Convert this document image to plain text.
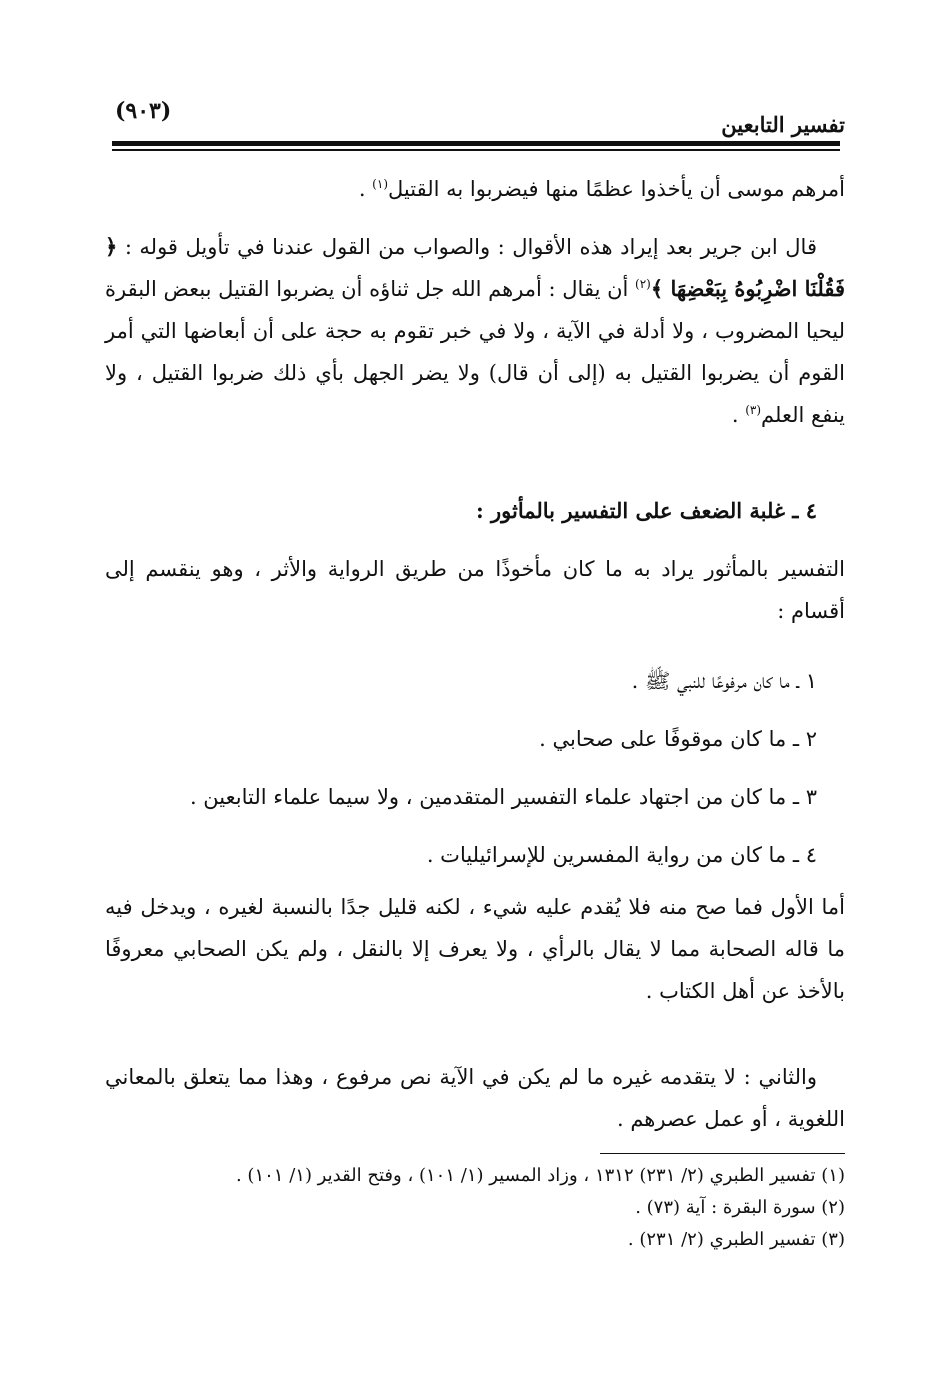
تفسير التابعين
(٩٠٣)
أمرهم موسى أن يأخذوا عظمًا منها فيضربوا به القتيل$^{(١)}$ .
قال ابن جرير بعد إيراد هذه الأقوال : والصواب من القول عندنا في تأويل قوله : ﴿ فَقُلْنَا اضْرِبُوهُ بِبَعْضِهَا ﴾$^{(٢)}$ أن يقال : أمرهم الله جل ثناؤه أن يضربوا القتيل ببعض البقرة ليحيا المضروب ، ولا أدلة في الآية ، ولا في خبر تقوم به حجة على أن أبعاضها التي أمر القوم أن يضربوا القتيل به (إلى أن قال) ولا يضر الجهل بأي ذلك ضربوا القتيل ، ولا ينفع العلم$^{(٣)}$ .
٤ ـ غلبة الضعف على التفسير بالمأثور :
التفسير بالمأثور يراد به ما كان مأخوذًا من طريق الرواية والأثر ، وهو ينقسم إلى أقسام :
١ ـ ما كان مرفوعًا للنبي ﷺ .
٢ ـ ما كان موقوفًا على صحابي .
٣ ـ ما كان من اجتهاد علماء التفسير المتقدمين ، ولا سيما علماء التابعين .
٤ ـ ما كان من رواية المفسرين للإسرائيليات .
أما الأول فما صح منه فلا يُقدم عليه شيء ، لكنه قليل جدًا بالنسبة لغيره ، ويدخل فيه ما قاله الصحابة مما لا يقال بالرأي ، ولا يعرف إلا بالنقل ، ولم يكن الصحابي معروفًا بالأخذ عن أهل الكتاب .
والثاني : لا يتقدمه غيره ما لم يكن في الآية نص مرفوع ، وهذا مما يتعلق بالمعاني اللغوية ، أو عمل عصرهم .
(١) تفسير الطبري (٢/ ٢٣١) ١٣١٢ ، وزاد المسير (١/ ١٠١) ، وفتح القدير (١/ ١٠١) .
(٢) سورة البقرة : آية (٧٣) .
(٣) تفسير الطبري (٢/ ٢٣١) .
